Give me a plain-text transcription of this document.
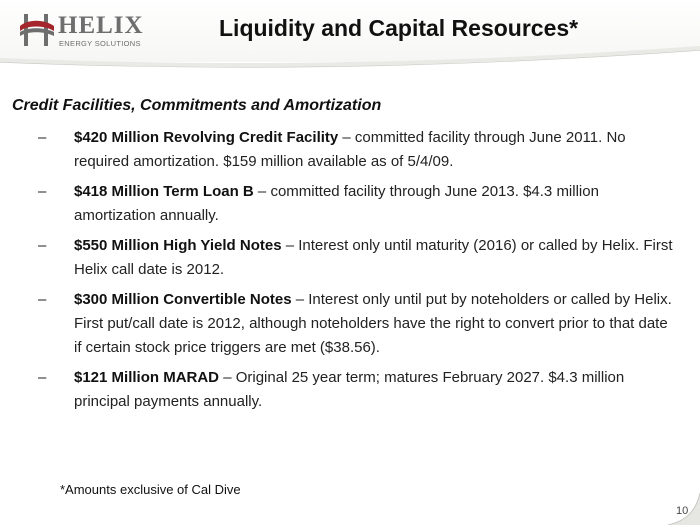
HELIX
ENERGY SOLUTIONS
Liquidity and Capital Resources*
Credit Facilities, Commitments and Amortization
– $420 Million Revolving Credit Facility – committed facility through June 2011. No required amortization. $159 million available as of 5/4/09.
– $418 Million Term Loan B – committed facility through June 2013. $4.3 million amortization annually.
– $550 Million High Yield Notes – Interest only until maturity (2016) or called by Helix. First Helix call date is 2012.
– $300 Million Convertible Notes – Interest only until put by noteholders or called by Helix. First put/call date is 2012, although noteholders have the right to convert prior to that date if certain stock price triggers are met ($38.56).
– $121 Million MARAD – Original 25 year term; matures February 2027. $4.3 million principal payments annually.
*Amounts exclusive of Cal Dive
10
